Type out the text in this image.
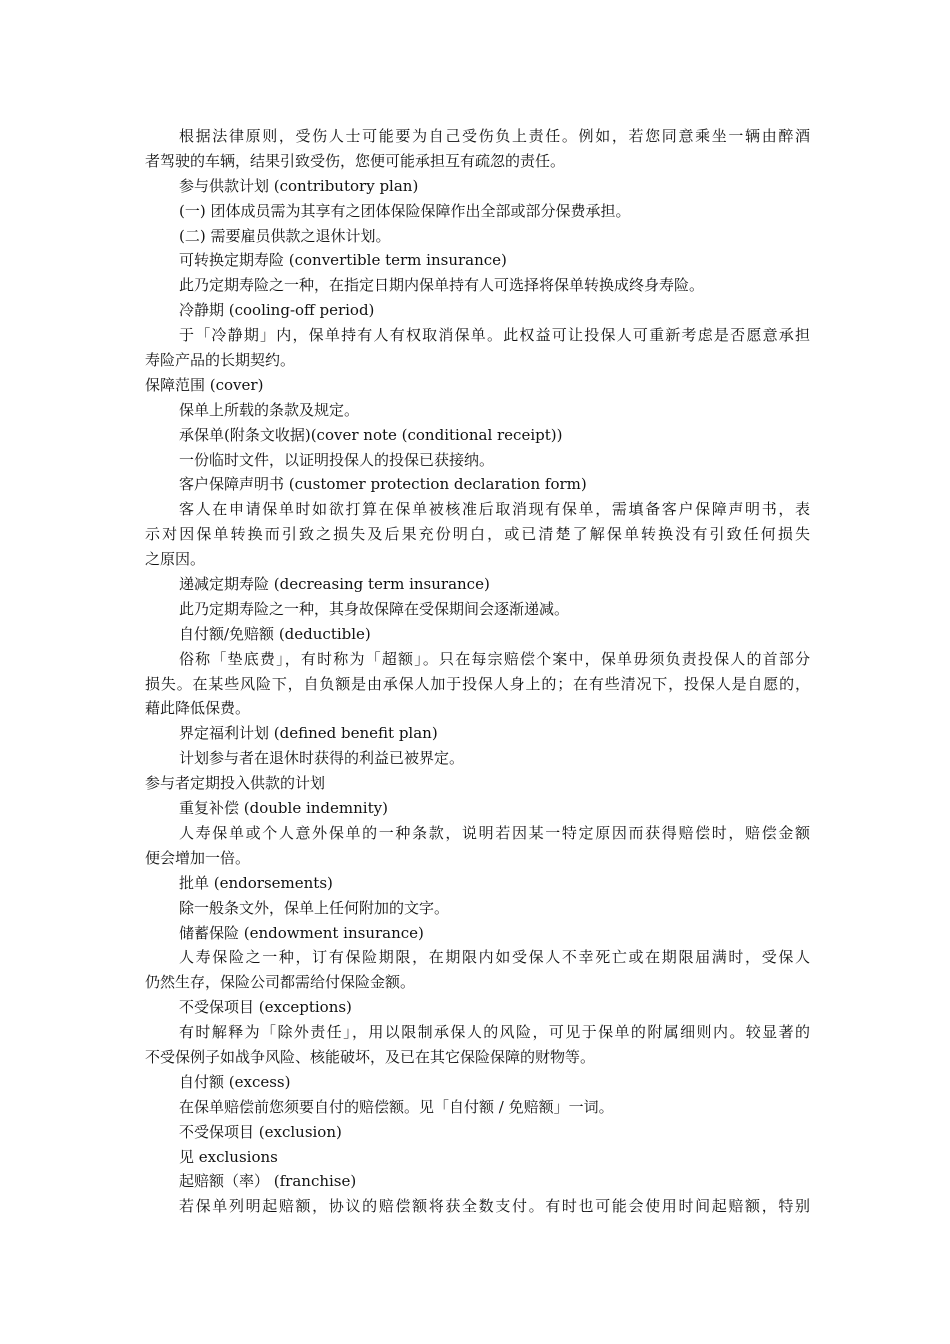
根据法律原则，受伤人士可能要为自己受伤负上责任。例如，若您同意乘坐一辆由醉酒

者驾驶的车辆，结果引致受伤，您便可能承担互有疏忽的责任。

参与供款计划 (contributory plan)

(一) 团体成员需为其享有之团体保险保障作出全部或部分保费承担。

(二) 需要雇员供款之退休计划。

可转换定期寿险 (convertible term insurance)

此乃定期寿险之一种，在指定日期内保单持有人可选择将保单转换成终身寿险。

冷静期 (cooling-off period)

于「冷静期」内，保单持有人有权取消保单。此权益可让投保人可重新考虑是否愿意承担

寿险产品的长期契约。

保障范围 (cover)

保单上所载的条款及规定。

承保单(附条文收据)(cover note (conditional receipt))

一份临时文件，以证明投保人的投保已获接纳。

客户保障声明书 (customer protection declaration form)

客人在申请保单时如欲打算在保单被核准后取消现有保单，需填备客户保障声明书，表

示对因保单转换而引致之损失及后果充份明白，或已清楚了解保单转换没有引致任何损失

之原因。

递减定期寿险 (decreasing term insurance)

此乃定期寿险之一种，其身故保障在受保期间会逐渐递减。

自付额/免赔额 (deductible)

俗称「垫底费」，有时称为「超额」。只在每宗赔偿个案中，保单毋须负责投保人的首部分

损失。在某些风险下，自负额是由承保人加于投保人身上的；在有些清况下，投保人是自愿的，

藉此降低保费。

界定福利计划 (defined benefit plan)

计划参与者在退休时获得的利益已被界定。

参与者定期投入供款的计划

重复补偿 (double indemnity)

人寿保单或个人意外保单的一种条款，说明若因某一特定原因而获得赔偿时，赔偿金额

便会增加一倍。

批单 (endorsements)

除一般条文外，保单上任何附加的文字。

储蓄保险 (endowment insurance)

人寿保险之一种，订有保险期限，在期限内如受保人不幸死亡或在期限届满时，受保人

仍然生存，保险公司都需给付保险金额。

不受保项目 (exceptions)

有时解释为「除外责任」，用以限制承保人的风险，可见于保单的附属细则内。较显著的

不受保例子如战争风险、核能破坏，及已在其它保险保障的财物等。

自付额 (excess)

在保单赔偿前您须要自付的赔偿额。见「自付额 / 免赔额」一词。

不受保项目 (exclusion)

见 exclusions

起赔额（率） (franchise)

若保单列明起赔额，协议的赔偿额将获全数支付。有时也可能会使用时间起赔额，特别
